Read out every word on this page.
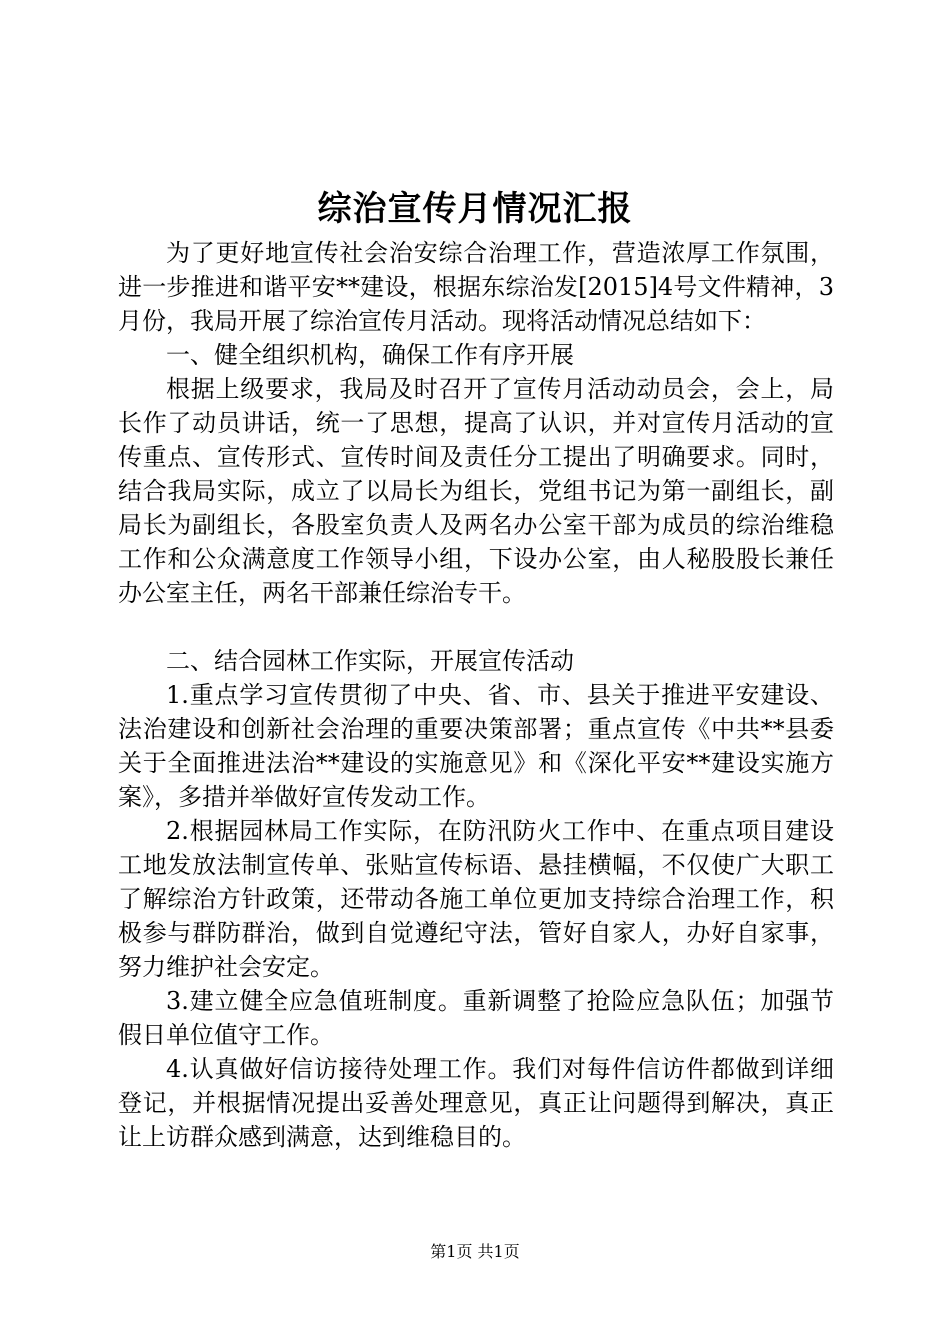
综治宣传月情况汇报

为了更好地宣传社会治安综合治理工作，营造浓厚工作氛围，进一步推进和谐平安**建设，根据东综治发[2015]4号文件精神，3月份，我局开展了综治宣传月活动。现将活动情况总结如下：

一、健全组织机构，确保工作有序开展

根据上级要求，我局及时召开了宣传月活动动员会，会上，局长作了动员讲话，统一了思想，提高了认识，并对宣传月活动的宣传重点、宣传形式、宣传时间及责任分工提出了明确要求。同时，结合我局实际，成立了以局长为组长，党组书记为第一副组长，副局长为副组长，各股室负责人及两名办公室干部为成员的综治维稳工作和公众满意度工作领导小组，下设办公室，由人秘股股长兼任办公室主任，两名干部兼任综治专干。

二、结合园林工作实际，开展宣传活动

1.重点学习宣传贯彻了中央、省、市、县关于推进平安建设、法治建设和创新社会治理的重要决策部署；重点宣传《中共**县委关于全面推进法治**建设的实施意见》和《深化平安**建设实施方案》，多措并举做好宣传发动工作。

2.根据园林局工作实际，在防汛防火工作中、在重点项目建设工地发放法制宣传单、张贴宣传标语、悬挂横幅，不仅使广大职工了解综治方针政策，还带动各施工单位更加支持综合治理工作，积极参与群防群治，做到自觉遵纪守法，管好自家人，办好自家事，努力维护社会安定。

3.建立健全应急值班制度。重新调整了抢险应急队伍；加强节假日单位值守工作。

4.认真做好信访接待处理工作。我们对每件信访件都做到详细登记，并根据情况提出妥善处理意见，真正让问题得到解决，真正让上访群众感到满意，达到维稳目的。

第1页 共1页
